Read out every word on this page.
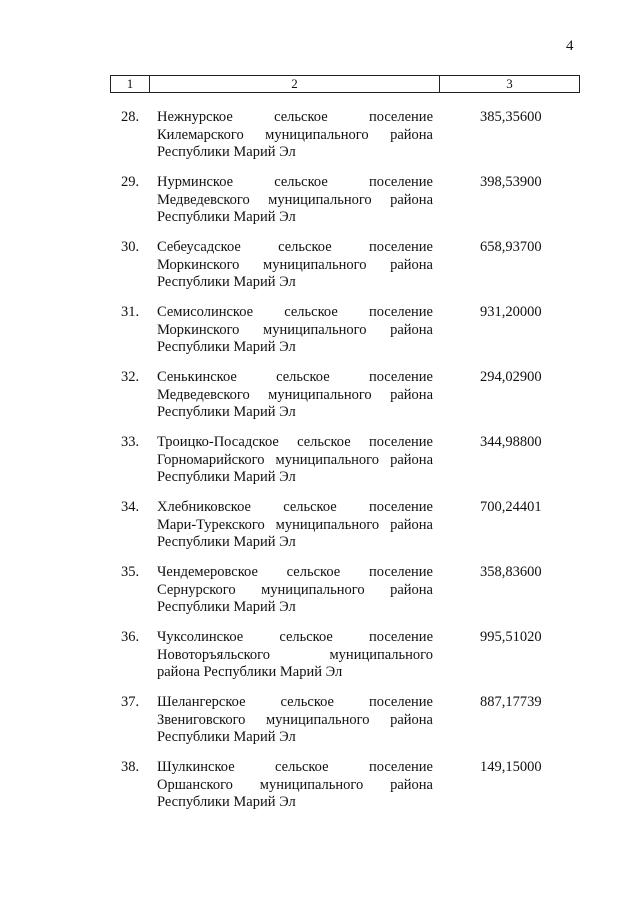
4
1	2	3
28. Нежнурское сельское поселение
Килемарского муниципального района
Республики Марий Эл
385,35600
29. Нурминское сельское поселение
Медведевского муниципального района
Республики Марий Эл
398,53900
30. Себеусадское сельское поселение
Моркинского муниципального района
Республики Марий Эл
658,93700
31. Семисолинское сельское поселение
Моркинского муниципального района
Республики Марий Эл
931,20000
32. Сенькинское сельское поселение
Медведевского муниципального района
Республики Марий Эл
294,02900
33. Троицко-Посадское сельское поселение
Горномарийского муниципального района
Республики Марий Эл
344,98800
34. Хлебниковское сельское поселение
Мари-Турекского муниципального района
Республики Марий Эл
700,24401
35. Чендемеровское сельское поселение
Сернурского муниципального района
Республики Марий Эл
358,83600
36. Чуксолинское сельское поселение
Новоторъяльского муниципального
района Республики Марий Эл
995,51020
37. Шелангерское сельское поселение
Звениговского муниципального района
Республики Марий Эл
887,17739
38. Шулкинское сельское поселение
Оршанского муниципального района
Республики Марий Эл
149,15000
